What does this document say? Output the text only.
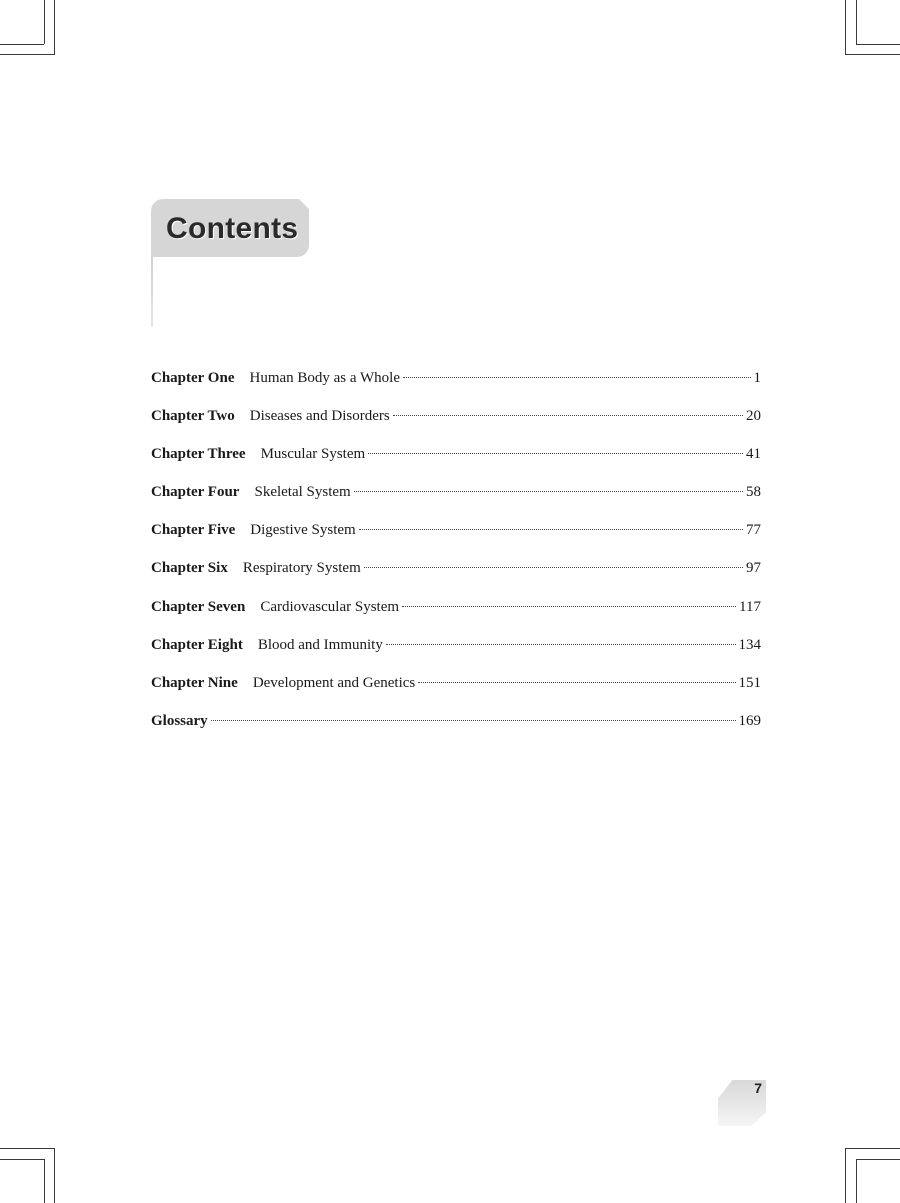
Contents
Chapter One	Human Body as a Whole	1
Chapter Two	Diseases and Disorders	20
Chapter Three	Muscular System	41
Chapter Four	Skeletal System	58
Chapter Five	Digestive System	77
Chapter Six	Respiratory System	97
Chapter Seven	Cardiovascular System	117
Chapter Eight	Blood and Immunity	134
Chapter Nine	Development and Genetics	151
Glossary	169
7
